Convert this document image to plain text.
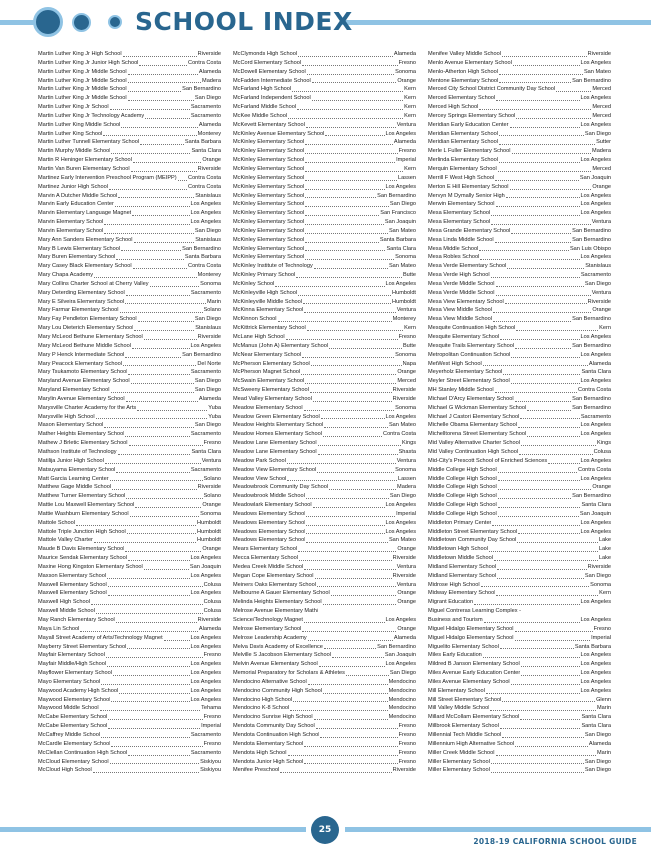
SCHOOL INDEX
Martin Luther King Jr High School	Riverside
Martin Luther King Jr Junior High School	Contra Costa
Martin Luther King Jr Middle School	Alameda
Martin Luther King Jr Middle School	Madera
Martin Luther King Jr Middle School	San Bernardino
Martin Luther King Jr Middle School	San Diego
Martin Luther King Jr School	Sacramento
Martin Luther King Jr Technology Academy	Sacramento
Martin Luther King Middle School	Alameda
Martin Luther King School	Monterey
Martin Luther Tunnell Elementary School	Santa Barbara
Martin Murphy Middle School	Santa Clara
Martin R Heninger Elementary School	Orange
Martin Van Buren Elementary School	Riverside
Martinez Early Intervention Preschool Program (MEIPP) Contra Costa
Martinez Junior High School	Contra Costa
Marvin A Dutcher Middle School	Stanislaus
Marvin Early Education Center	Los Angeles
Marvin Elementary Language Magnet	Los Angeles
Marvin Elementary School	Los Angeles
Marvin Elementary School	San Diego
Mary Ann Sanders Elementary School	Stanislaus
Mary B Lewis Elementary School	San Bernardino
Mary Buren Elementary School	Santa Barbara
Mary Casey Black Elementary School	Contra Costa
Mary Chapa Academy	Monterey
Mary Collins Charter School at Cherry Valley	Sonoma
Mary Deterding Elementary School	Sacramento
Mary E Silveira Elementary School	Marin
Mary Farmar Elementary School	Solano
Mary Fay Pendleton Elementary School	San Diego
Mary Lou Dieterich Elementary School	Stanislaus
Mary McLeod Bethune Elementary School	Riverside
Mary McLeod Bethune Middle School	Los Angeles
Mary P Henck Intermediate School	San Bernardino
Mary Peacock Elementary School	Del Norte
Mary Tsukamoto Elementary School	Sacramento
Maryland Avenue Elementary School	San Diego
Maryland Elementary School	San Diego
Marylin Avenue Elementary School	Alameda
Marysville Charter Academy for the Arts	Yuba
Marysville High School	Yuba
Mason Elementary School	San Diego
Mather Heights Elementary School	Sacramento
Mathew J Brletic Elementary School	Fresno
Mathson Institute of Technology	Santa Clara
Matilija Junior High School	Ventura
Matsuyama Elementary School	Sacramento
Matt Garcia Learning Center	Solano
Matthew Gage Middle School	Riverside
Matthew Turner Elementary School	Solano
Mattie Lou Maxwell Elementary School	Orange
Mattie Washburn Elementary School	Sonoma
Mattole School	Humboldt
Mattole Triple Junction High School	Humboldt
Mattole Valley Charter	Humboldt
Maude B Davis Elementary School	Orange
Maurice Sendak Elementary School	Los Angeles
Maxine Hong Kingston Elementary School	San Joaquin
Maxson Elementary School	Los Angeles
Maxwell Elementary School	Colusa
Maxwell Elementary School	Los Angeles
Maxwell High School	Colusa
Maxwell Middle School	Colusa
May Ranch Elementary School	Riverside
Maya Lin School	Alameda
Mayall Street Academy of Arts/Technology Magnet	Los Angeles
Mayberry Street Elementary School	Los Angeles
Mayfair Elementary School	Fresno
Mayfair Middle/High School	Los Angeles
Mayflower Elementary School	Los Angeles
Mayo Elementary School	Los Angeles
Maywood Academy High School	Los Angeles
Maywood Elementary School	Los Angeles
Maywood Middle School	Tehama
McCabe Elementary School	Fresno
McCabe Elementary School	Imperial
McCaffrey Middle School	Sacramento
McCardle Elementary School	Fresno
McClellan Continuation High School	Sacramento
McCloud Elementary School	Siskiyou
McCloud High School	Siskiyou
McClymonds High School	Alameda
McCord Elementary School	Fresno
McDowell Elementary School	Sonoma
McFadden Intermediate School	Orange
McFarland High School	Kern
McFarland Independent School	Kern
McFarland Middle School	Kern
McKee Middle School	Kern
McKevett Elementary School	Ventura
McKinley Avenue Elementary School	Los Angeles
McKinley Elementary School	Alameda
McKinley Elementary School	Fresno
McKinley Elementary School	Imperial
McKinley Elementary School	Kern
McKinley Elementary School	Lassen
McKinley Elementary School	Los Angeles
McKinley Elementary School	San Bernardino
McKinley Elementary School	San Diego
McKinley Elementary School	San Francisco
McKinley Elementary School	San Joaquin
McKinley Elementary School	San Mateo
McKinley Elementary School	Santa Barbara
McKinley Elementary School	Santa Clara
McKinley Elementary School	Sonoma
McKinley Institute of Technology	San Mateo
McKinley Primary School	Butte
McKinley School	Los Angeles
McKinleyville High School	Humboldt
McKinleyville Middle School	Humboldt
McKinna Elementary School	Ventura
McKinnon School	Monterey
McKittrick Elementary School	Kern
McLane High School	Fresno
McManus (John A) Elementary School	Butte
McNear Elementary School	Sonoma
McPherson Elementary School	Napa
McPherson Magnet School	Orange
McSwain Elementary School	Merced
McSweeny Elementary School	Riverside
Mead Valley Elementary School	Riverside
Meadow Elementary School	Sonoma
Meadow Green Elementary School	Los Angeles
Meadow Heights Elementary School	San Mateo
Meadow Homes Elementary School	Contra Costa
Meadow Lane Elementary School	Kings
Meadow Lane Elementary School	Shasta
Meadow Park School	Ventura
Meadow View Elementary School	Sonoma
Meadow View School	Lassen
Meadowbrook Community Day School	Madera
Meadowbrook Middle School	San Diego
Meadowlark Elementary School	Los Angeles
Meadows Elementary School	Imperial
Meadows Elementary School	Los Angeles
Meadows Elementary School	Los Angeles
Meadows Elementary School	San Mateo
Mears Elementary School	Orange
Mecca Elementary School	Riverside
Medea Creek Middle School	Ventura
Megan Cope Elementary School	Riverside
Meiners Oaks Elementary School	Ventura
Melbourne A Gauer Elementary School	Orange
Melinda Heights Elementary School	Orange
Melrose Avenue Elementary Math/
Science/Technology Magnet	Los Angeles
Melrose Elementary School	Orange
Melrose Leadership Academy	Alameda
Melva Davis Academy of Excellence	San Bernardino
Melville S Jacobson Elementary School	San Joaquin
Melvin Avenue Elementary School	Los Angeles
Memorial Preparatory for Scholars & Athletes	San Diego
Mendocino Alternative School	Mendocino
Mendocino Community High School	Mendocino
Mendocino High School	Mendocino
Mendocino K-8 School	Mendocino
Mendocino Sunrise High School	Mendocino
Mendota Community Day School	Fresno
Mendota Continuation High School	Fresno
Mendota Elementary School	Fresno
Mendota High School	Fresno
Mendota Junior High School	Fresno
Menifee Preschool	Riverside
Menifee Valley Middle School	Riverside
Menlo Avenue Elementary School	Los Angeles
Menlo-Atherton High School	San Mateo
Mentone Elementary School	San Bernardino
Merced City School District Community Day School	Merced
Merced Elementary School	Los Angeles
Merced High School	Merced
Mercey Springs Elementary School	Merced
Meridian Early Education Center	Los Angeles
Meridian Elementary School	San Diego
Meridian Elementary School	Sutter
Merle L Fuller Elementary School	Madera
Merlinda Elementary School	Los Angeles
Merquin Elementary School	Merced
Merrill F West High School	San Joaquin
Merton E Hill Elementary School	Orange
Mervyn M Dymally Senior High	Los Angeles
Merwin Elementary School	Los Angeles
Mesa Elementary School	Los Angeles
Mesa Elementary School	Ventura
Mesa Grande Elementary School	San Bernardino
Mesa Linda Middle School	San Bernardino
Mesa Middle School	San Luis Obispo
Mesa Robles School	Los Angeles
Mesa Verde Elementary School	Stanislaus
Mesa Verde High School	Sacramento
Mesa Verde Middle School	San Diego
Mesa Verde Middle School	Ventura
Mesa View Elementary School	Riverside
Mesa View Middle School	Orange
Mesa View Middle School	San Bernardino
Mesquite Continuation High School	Kern
Mesquite Elementary School	Los Angeles
Mesquite Trails Elementary School	San Bernardino
Metropolitan Continuation School	Los Angeles
MetWest High School	Alameda
Meyerholz Elementary School	Santa Clara
Meyler Street Elementary School	Los Angeles
MH Stanley Middle School	Contra Costa
Michael D'Arcy Elementary School	San Bernardino
Michael G Wickman Elementary School	San Bernardino
Michael J Castori Elementary School	Sacramento
Michelle Obama Elementary School	Los Angeles
Michelltorena Street Elementary School	Los Angeles
Mid Valley Alternative Charter School	Kings
Mid Valley Continuation High School	Colusa
Mid-City's Prescott School of Enriched Sciences	Los Angeles
Middle College High School	Contra Costa
Middle College High School	Los Angeles
Middle College High School	Orange
Middle College High School	San Bernardino
Middle College High School	Santa Clara
Middle College High School	San Joaquin
Middleton Primary Center	Los Angeles
Middleton Street Elementary School	Los Angeles
Middletown Community Day School	Lake
Middletown High School	Lake
Middletown Middle School	Lake
Midland Elementary School	Riverside
Midland Elementary School	San Diego
Midrose High School	Sonoma
Midway Elementary School	Kern
Migrant Education	Los Angeles
Miguel Contreras Learning Complex -
Business and Tourism	Los Angeles
Miguel Hidalgo Elementary School	Fresno
Miguel Hidalgo Elementary School	Imperial
Miguelito Elementary School	Santa Barbara
Miles Early Education	Los Angeles
Mildred B Janson Elementary School	Los Angeles
Miles Avenue Early Education Center	Los Angeles
Miles Avenue Elementary School	Los Angeles
Mill Elementary School	Los Angeles
Mill Street Elementary School	Glenn
Mill Valley Middle School	Marin
Millard McCollam Elementary School	Santa Clara
Millbrook Elementary School	Santa Clara
Millennial Tech Middle School	San Diego
Millennium High Alternative School	Alameda
Miller Creek Middle School	Marin
Miller Elementary School	San Diego
Miller Elementary School	San Diego
25
2018-19 CALIFORNIA SCHOOL GUIDE
